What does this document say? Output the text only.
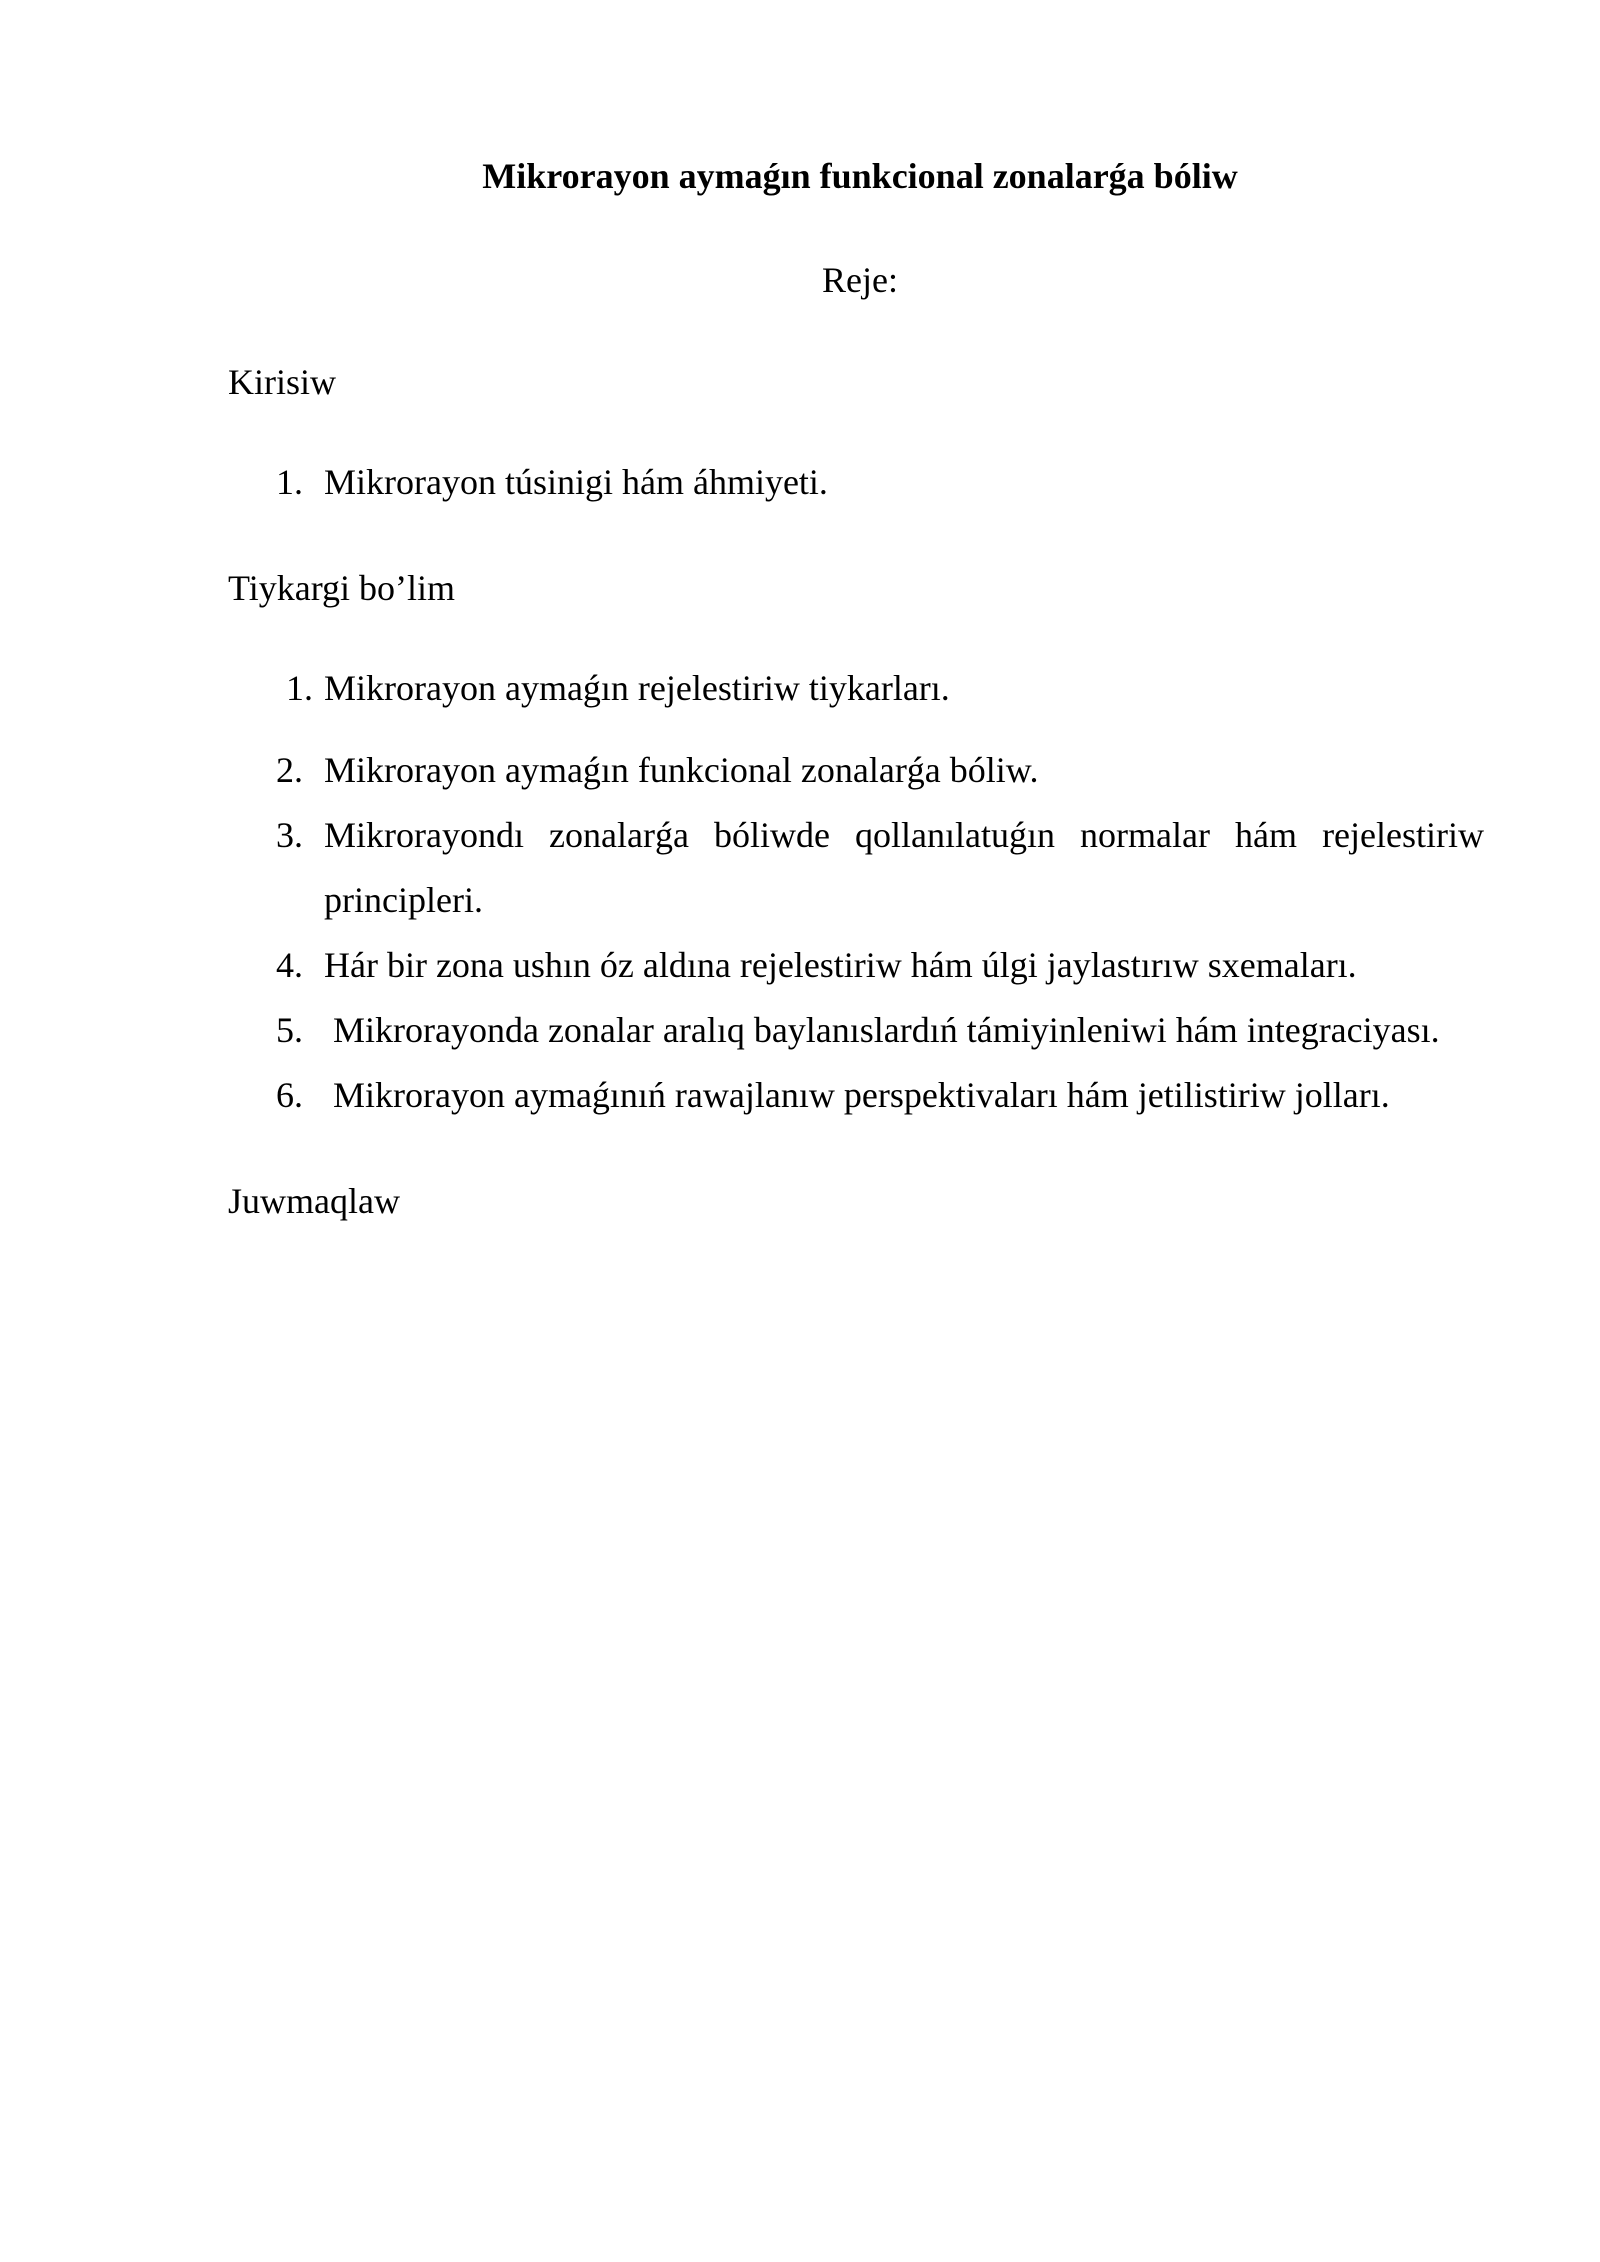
Mikrorayon aymaǵın funkcional zonalarǵa bóliw
Reje:
Kirisiw
1. Mikrorayon túsinigi hám áhmiyeti.
Tiykargi bo’lim
1. Mikrorayon aymaǵın rejelestiriw tiykarları.
2. Mikrorayon aymaǵın funkcional zonalarǵa bóliw.
3. Mikrorayondı zonalarǵa bóliwde qollanılatuǵın normalar hám rejelestiriw principleri.
4. Hár bir zona ushın óz aldına rejelestiriw hám úlgi jaylastırıw sxemaları.
5. Mikrorayonda zonalar aralıq baylanıslardıń támiyinleniwi hám integraciyası.
6. Mikrorayon aymaǵınıń rawajlanıw perspektivaları hám jetilistiriw jolları.
Juwmaqlaw
